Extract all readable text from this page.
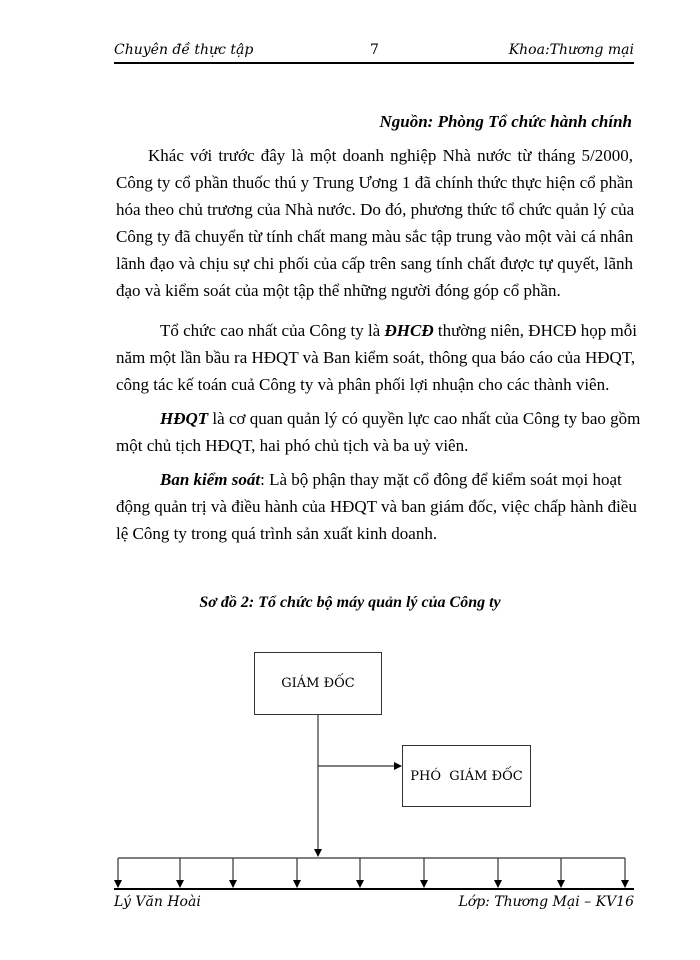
Chuyên đề thực tập	7	Khoa:Thương mại
Nguồn: Phòng Tổ chức hành chính
Khác với trước đây là một doanh nghiệp Nhà nước từ tháng 5/2000,
Công ty cổ phần thuốc thú y Trung Ương 1 đã chính thức thực hiện cổ phần
hóa theo chủ trương của Nhà nước. Do đó, phương thức tổ chức quản lý của
Công ty đã chuyển từ tính chất mang màu sắc tập trung vào một vài cá nhân
lãnh đạo và chịu sự chi phối của cấp trên sang tính chất được tự quyết, lãnh
đạo và kiểm soát của một tập thể những người đóng góp cổ phần.
Tổ chức cao nhất của Công ty là ĐHCĐ thường niên, ĐHCĐ họp mỗi
năm một lần bầu ra HĐQT và Ban kiểm soát, thông qua báo cáo của HĐQT,
công tác kế toán cuả Công ty và phân phối lợi nhuận cho các thành viên.
HĐQT là cơ quan quản lý có quyền lực cao nhất của Công ty bao gồm
một chủ tịch HĐQT, hai phó chủ tịch và ba uỷ viên.
Ban kiểm soát: Là bộ phận thay mặt cổ đông để kiểm soát mọi hoạt
động quản trị và điều hành của HĐQT và ban giám đốc, việc chấp hành điều
lệ Công ty trong quá trình sản xuất kinh doanh.
Sơ đồ 2: Tổ chức bộ máy quản lý của Công ty
GIÁM ĐỐC
PHÓ  GIÁM ĐỐC
Lý Văn Hoài	Lớp: Thương Mại – KV16
